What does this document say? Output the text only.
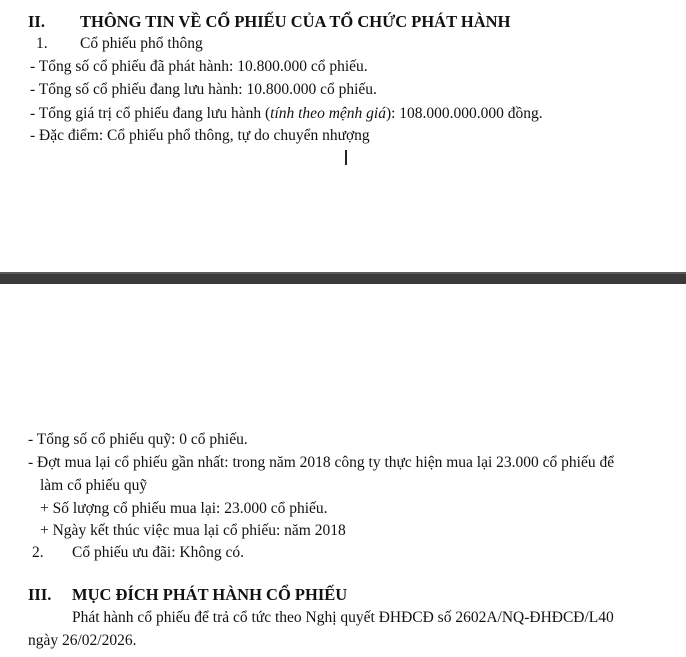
II. THÔNG TIN VỀ CỔ PHIẾU CỦA TỔ CHỨC PHÁT HÀNH
1. Cổ phiếu phổ thông
- Tổng số cổ phiếu đã phát hành: 10.800.000 cổ phiếu.
- Tổng số cổ phiếu đang lưu hành: 10.800.000 cổ phiếu.
- Tổng giá trị cổ phiếu đang lưu hành (tính theo mệnh giá): 108.000.000.000 đồng.
- Đặc điểm: Cổ phiếu phổ thông, tự do chuyển nhượng
- Tổng số cổ phiếu quỹ: 0 cổ phiếu.
- Đợt mua lại cổ phiếu gần nhất: trong năm 2018 công ty thực hiện mua lại 23.000 cổ phiếu để
làm cổ phiếu quỹ
+ Số lượng cổ phiếu mua lại: 23.000 cổ phiếu.
+ Ngày kết thúc việc mua lại cổ phiếu: năm 2018
2. Cổ phiếu ưu đãi: Không có.
III. MỤC ĐÍCH PHÁT HÀNH CỔ PHIẾU
Phát hành cổ phiếu để trả cổ tức theo Nghị quyết ĐHĐCĐ số 2602A/NQ-ĐHĐCĐ/L40
ngày 26/02/2026.
